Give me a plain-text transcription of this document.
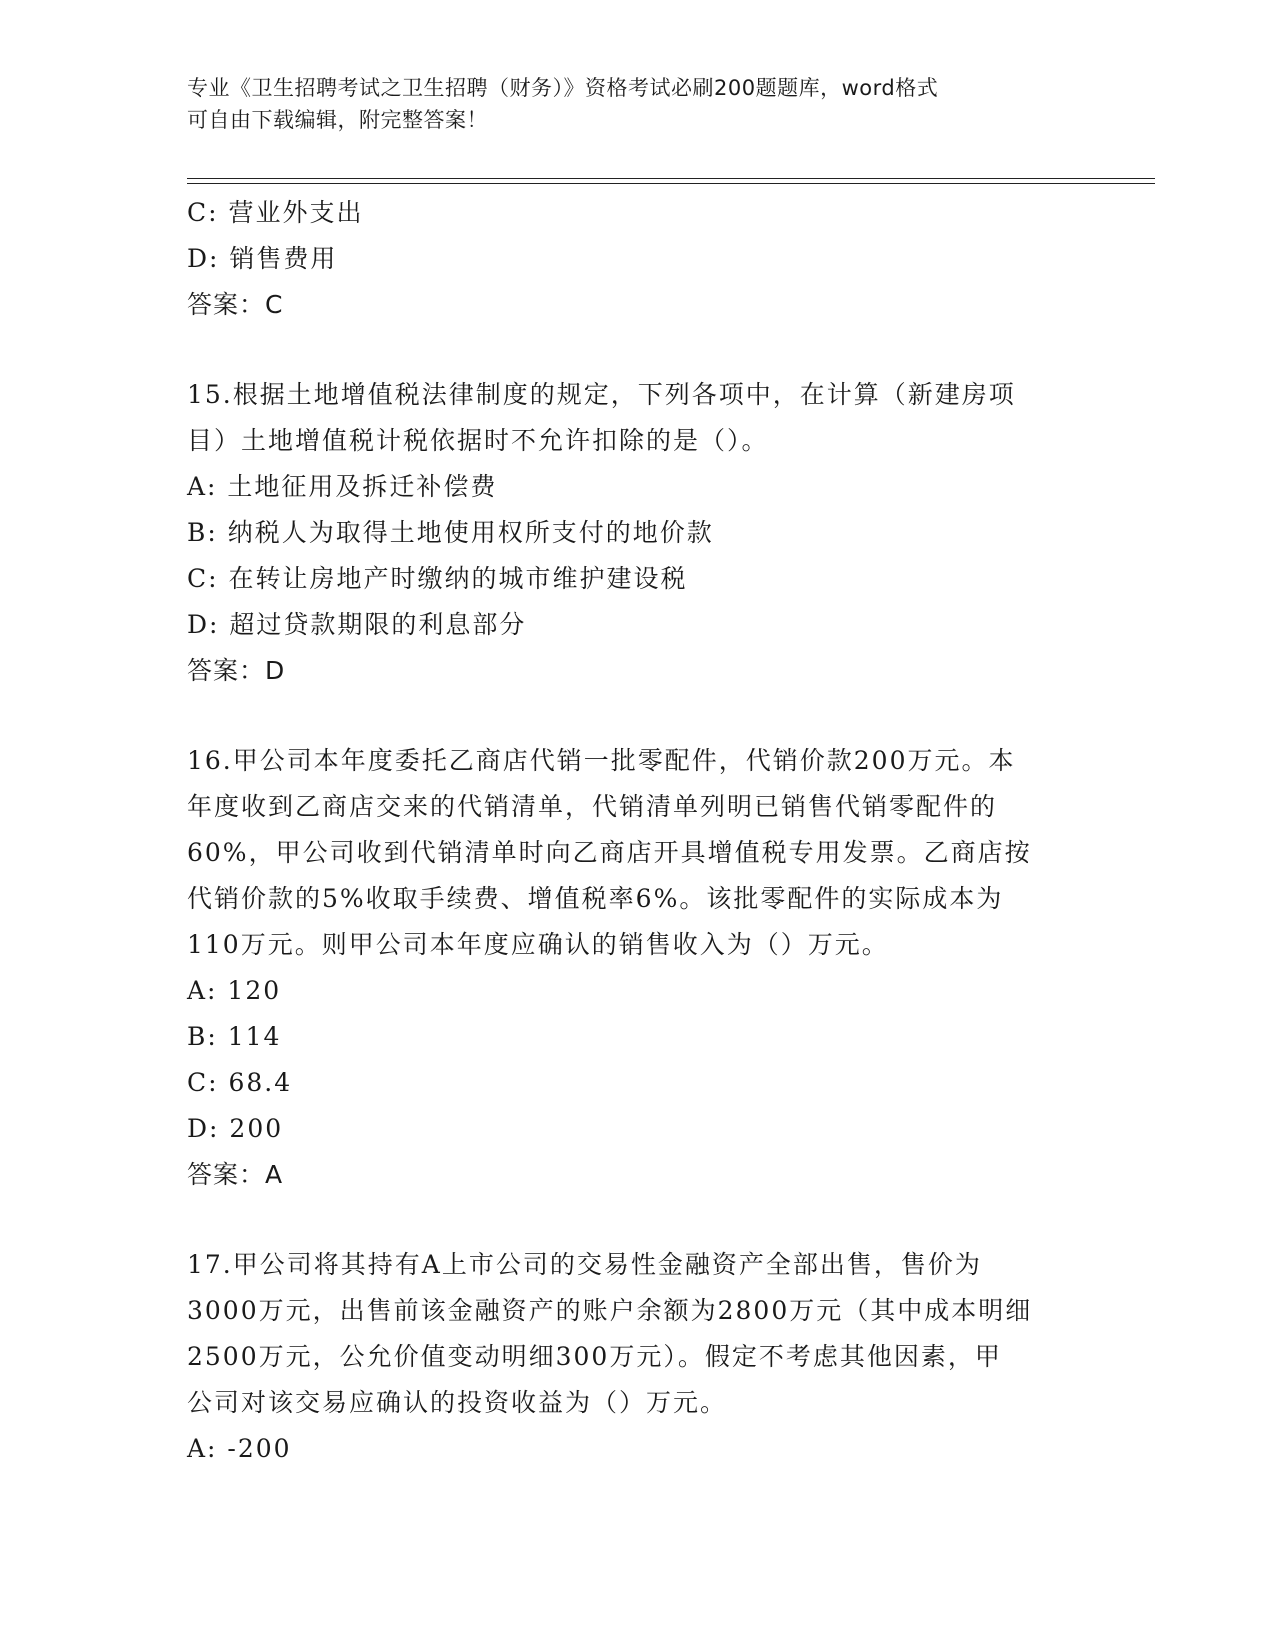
专业《卫生招聘考试之卫生招聘（财务）》资格考试必刷200题题库，word格式
可自由下载编辑，附完整答案！
C: 营业外支出
D: 销售费用
答案：C
15.根据土地增值税法律制度的规定，下列各项中，在计算（新建房项
目）土地增值税计税依据时不允许扣除的是（）。
A: 土地征用及拆迁补偿费
B: 纳税人为取得土地使用权所支付的地价款
C: 在转让房地产时缴纳的城市维护建设税
D: 超过贷款期限的利息部分
答案：D
16.甲公司本年度委托乙商店代销一批零配件，代销价款200万元。本
年度收到乙商店交来的代销清单，代销清单列明已销售代销零配件的
60%，甲公司收到代销清单时向乙商店开具增值税专用发票。乙商店按
代销价款的5%收取手续费、增值税率6%。该批零配件的实际成本为
110万元。则甲公司本年度应确认的销售收入为（）万元。
A: 120
B: 114
C: 68.4
D: 200
答案：A
17.甲公司将其持有A上市公司的交易性金融资产全部出售，售价为
3000万元，出售前该金融资产的账户余额为2800万元（其中成本明细
2500万元，公允价值变动明细300万元）。假定不考虑其他因素，甲
公司对该交易应确认的投资收益为（）万元。
A: -200
